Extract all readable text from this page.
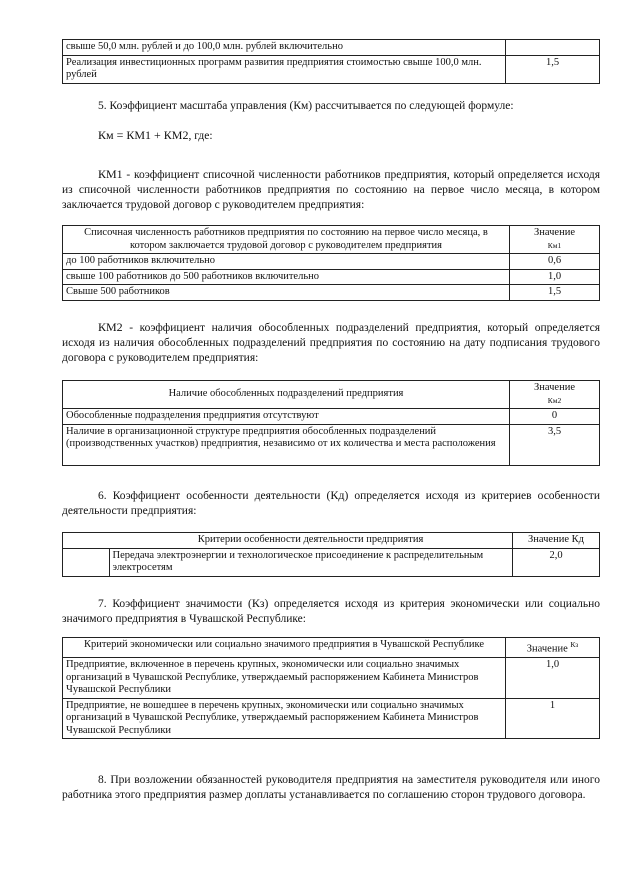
свыше 50,0 млн. рублей и до 100,0 млн. рублей включительно	
Реализация инвестиционных программ развития предприятия стоимостью свыше 100,0 млн. рублей	1,5
5. Коэффициент масштаба управления (Км) рассчитывается по следующей формуле:
Км = КМ1 + КМ2, где:
КМ1 - коэффициент списочной численности работников предприятия, который определяется исходя из списочной численности работников предприятия по состоянию на первое число месяца, в котором заключается трудовой договор с руководителем предприятия:
Списочная численность работников предприятия по состоянию на первое число месяца, в котором заключается трудовой договор с руководителем предприятия	Значение
Км1

до 100 работников включительно	0,6
свыше 100 работников до 500 работников включительно	1,0
Свыше 500 работников	1,5
КМ2 - коэффициент наличия обособленных подразделений предприятия, который определяется исходя из наличия обособленных подразделений предприятия по состоянию на дату подписания трудового договора с руководителем предприятия:
Наличие обособленных подразделений предприятия	Значение
Км2

Обособленные подразделения предприятия отсутствуют	0
Наличие в организационной структуре предприятия обособленных подразделений (производственных участков) предприятия, независимо от их количества и места расположения	3,5
6. Коэффициент особенности деятельности (Кд) определяется исходя из критериев особенности деятельности предприятия:
	Критерии особенности деятельности предприятия	Значение Кд
	Передача электроэнергии и технологическое присоединение к распределительным электросетям	2,0
7. Коэффициент значимости (Кз) определяется исходя из критерия экономически или социально значимого предприятия в Чувашской Республике:
Критерий экономически или социально значимого предприятия в Чувашской Республике	Значение $^{Кз}$
Предприятие, включенное в перечень крупных, экономически или социально значимых организаций в Чувашской Республике, утверждаемый распоряжением Кабинета Министров Чувашской Республики	1,0
Предприятие, не вошедшее в перечень крупных, экономически или социально значимых организаций в Чувашской Республике, утверждаемый распоряжением Кабинета Министров Чувашской Республики	1
8. При возложении обязанностей руководителя предприятия на заместителя руководителя или иного работника этого предприятия размер доплаты устанавливается по соглашению сторон трудового договора.
